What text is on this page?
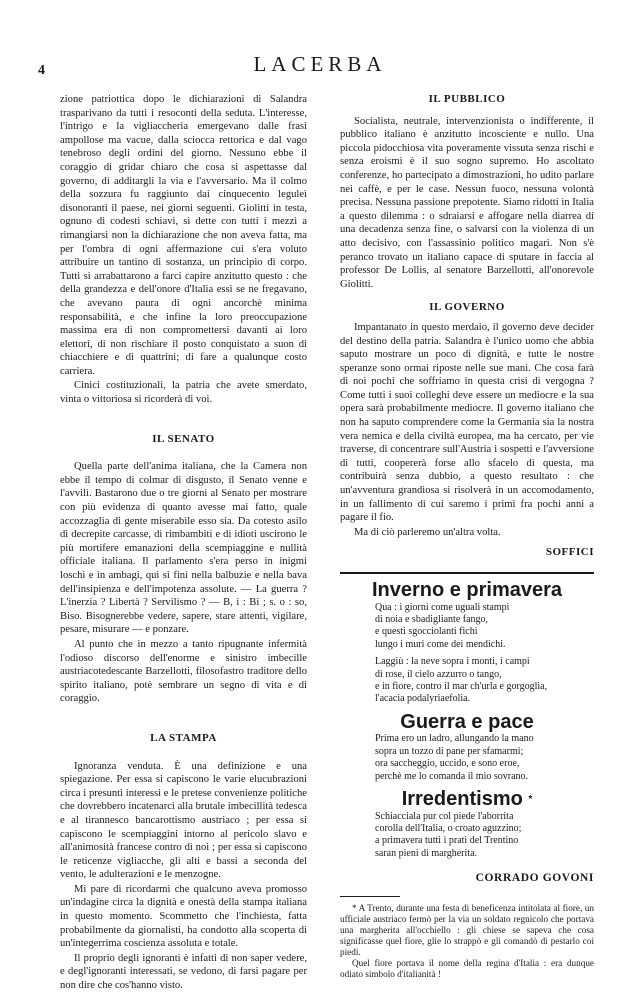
LACERBA
4

zione patriottica dopo le dichiarazioni di Salandra trasparivano da tutti i resoconti della seduta. L'interesse, l'intrigo e la vigliaccheria emergevano dalle frasi ampollose ma vacue, dalla sciocca rettorica e dal vago tenebroso degli ordini del giorno. Nessuno ebbe il coraggio di gridar chiaro che cosa si aspettasse dal governo, di additargli la via e l'avversario. Ma il colmo della sozzura fu raggiunto dai cinquecento leguleì disonoranti il paese, nei giorni seguenti. Giolitti in testa, ognuno di codesti schiavi, si dette con tutti i mezzi a rimangiarsi non la dichiarazione che non aveva fatta, ma per l'ombra di ogni affermazione cui s'era voluto attribuire un tantino di sostanza, un principio di corpo. Tutti si arrabattarono a farci capire anzitutto questo : che della grandezza e dell'onore d'Italia essi se ne fregavano, che avevano paura di ogni ancorchè minima responsabilità, e che infine la loro preoccupazione massima era di non compromettersi davanti ai loro elettori, di non rischiare il posto conquistato a suon di chiacchiere e di quattrini; di fare a qualunque costo carriera.

Cinici costituzionali, la patria che avete smerdato, vinta o vittoriosa si ricorderà di voi.

IL SENATO

Quella parte dell'anima italiana, che la Camera non ebbe il tempo di colmar di disgusto, il Senato venne e l'avvilì. Bastarono due o tre giorni al Senato per mostrare con più evidenza di quanto avesse mai fatto, quale accozzaglia di gente miserabile esso sia. Da cotesto asilo di decrepite carcasse, di rimbambiti e di idioti uscirono le più mortifere emanazioni della scempiaggine e nullità officiale italiana. Il parlamento s'era perso in inigmi loschi e in ambagi, qui si finì nella balbuzie e nella bava dell'insipienza e dell'impotenza assolute. — La guerra ? L'inerzia ? Libertà ? Servilismo ? — B, i : Bi ; s. o : so, Biso. Bisognerebbe vedere, sapere, stare attenti, vigilare, pesare, misurare — e ponzare.

Al punto che in mezzo a tanto ripugnante infermità l'odioso discorso dell'enorme e sinistro imbecille austriacotedescante Barzellotti, filosofastro traditore dello spirito italiano, potè sembrare un segno di vita e di coraggio.

LA STAMPA

Ignoranza venduta. È una definizione e una spiegazione. Per essa si capiscono le varie elucubrazioni circa i presunti interessi e le pretese convenienze politiche che dovrebbero incatenarci alla brutale imbecillità tedesca e al tirannesco bancarottismo austriaco ; per essa si capiscono le scempiaggini intorno al pericolo slavo e all'animosità francese contro di noi ; per essa si capiscono le reticenze vigliacche, gli alti e bassi a seconda del vento, le adulterazioni e le menzogne.

Mi pare di ricordarmi che qualcuno aveva promosso un'indagine circa la dignità e onestà della stampa italiana in questo momento. Scommetto che l'inchiesta, fatta probabilmente da giornalisti, ha condotto alla scoperta di un'integerrima coscienza assoluta e totale.

Il proprio degli ignoranti è infatti di non saper vedere, e degl'ignoranti interessati, se vedono, di farsi pagare per non dire che cos'hanno visto.

IL PUBBLICO

Socialista, neutrale, intervenzionista o indifferente, il pubblico italiano è anzitutto incosciente e nullo. Una piccola pidocchiosa vita poveramente vissuta senza rischi e senza eroismi è il suo sogno supremo. Ho ascoltato conferenze, ho partecipato a dimostrazioni, ho udito parlare nei caffè, e per le case. Nessun fuoco, nessuna volontà precisa. Nessuna passione prepotente. Siamo ridotti in Italia a questo dilemma : o sdraiarsi e affogare nella diarrea di una decadenza senza fine, o salvarsi con la violenza di un atto decisivo, con l'assassinio politico magari. Non s'è peranco trovato un italiano capace di sputare in faccia al professor De Lollis, al senatore Barzellotti, all'onorevole Giolitti.

IL GOVERNO

Impantanato in questo merdaio, il governo deve decider del destino della patria. Salandra è l'unico uomo che abbia saputo mostrare un poco di dignità, e tutte le nostre speranze sono ormai riposte nelle sue mani. Che cosa farà di noi pochi che soffriamo in questa crisi di vergogna ? Come tutti i suoi colleghi deve essere un mediocre e la sua opera sarà probabilmente mediocre. Il governo italiano che non ha saputo comprendere come la Germania sia la nostra vera nemica e della civiltà europea, ma ha cercato, per vie traverse, di concentrare sull'Austria i sospetti e l'avversione di tutti, coopererà forse allo sfacelo di questa, ma contribuirà senza dubbio, a questo resultato : che un'avventura grandiosa si risolverà in un accomodamento, in un fallimento di cui saremo i primi fra pochi anni a pagare il fio.

Ma di ciò parleremo un'altra volta.

SOFFICI
Inverno e primavera
Qua : i giorni come uguali stampi
di noia e sbadigliante fango,
e questi sgocciolanti fichi
lungo i muri come dei mendichi.
Laggiù : la neve sopra i monti, i campi
di rose, il cielo azzurro o tango,
e in fiore, contro il mar ch'urla e gorgoglia,
l'acacia podalyriaefolia.
Guerra e pace
Prima ero un ladro, allungando la mano
sopra un tozzo di pane per sfamarmi;
ora saccheggio, uccido, e sono eroe,
perchè me lo comanda il mio sovrano.
Irredentismo *
Schiacciala pur col piede l'aborrita
corolla dell'Italia, o croato aguzzino;
a primavera tutti i prati del Trentino
saran pieni di margherita.
CORRADO GOVONI

* A Trento, durante una festa di beneficenza intitolata al fiore, un ufficiale austriaco fermò per la via un soldato regnicolo che portava una margherita all'occhiello : gli chiese se sapeva che cosa significasse quel fiore, glie lo strappò e gli comandò di pestarlo coi piedi.

Quel fiore portava il nome della regina d'Italia : era dunque odiato simbolo d'italianità !
